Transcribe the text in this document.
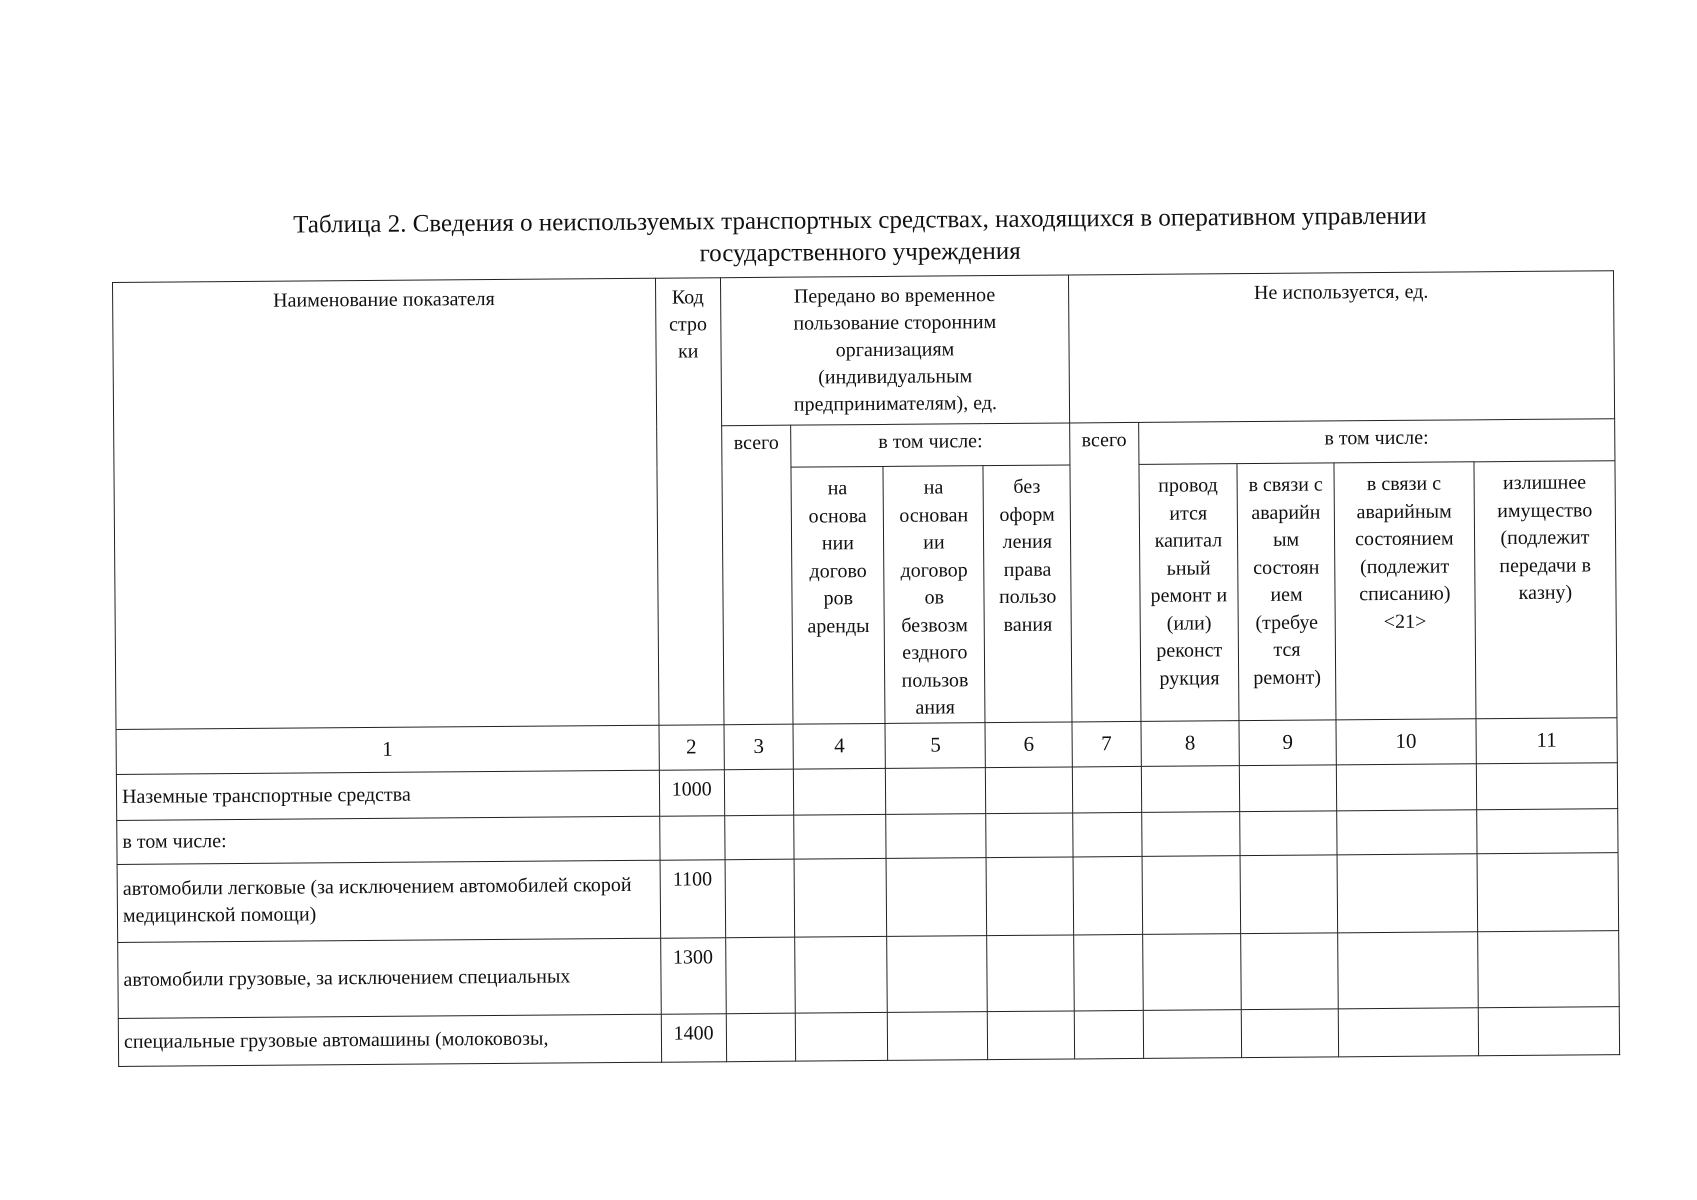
Таблица 2. Сведения о неиспользуемых транспортных средствах, находящихся в оперативном управлении
государственного учреждения
Наименование показателя	Код стро ки	Передано во временное пользование сторонним организациям (индивидуальным предпринимателям), ед.				Не используется, ед.				
		всего	в том числе:			всего	в том числе:			
			на основа нии догово ров аренды	на основан ии договор ов безвозм ездного пользов ания	без оформ ления права пользо вания		провод ится капитал ьный ремонт и (или) реконст рукция	в связи с аварийн ым состоян ием (требуе тся ремонт)	в связи с аварийным состоянием (подлежит списанию) <21>	излишнее имущество (подлежит передачи в казну)
1	2	3	4	5	6	7	8	9	10	11
Наземные транспортные средства	1000									
в том числе:										
автомобили легковые (за исключением автомобилей скорой медицинской помощи)	1100									
автомобили грузовые, за исключением специальных	1300									
специальные грузовые автомашины (молоковозы,	1400									
